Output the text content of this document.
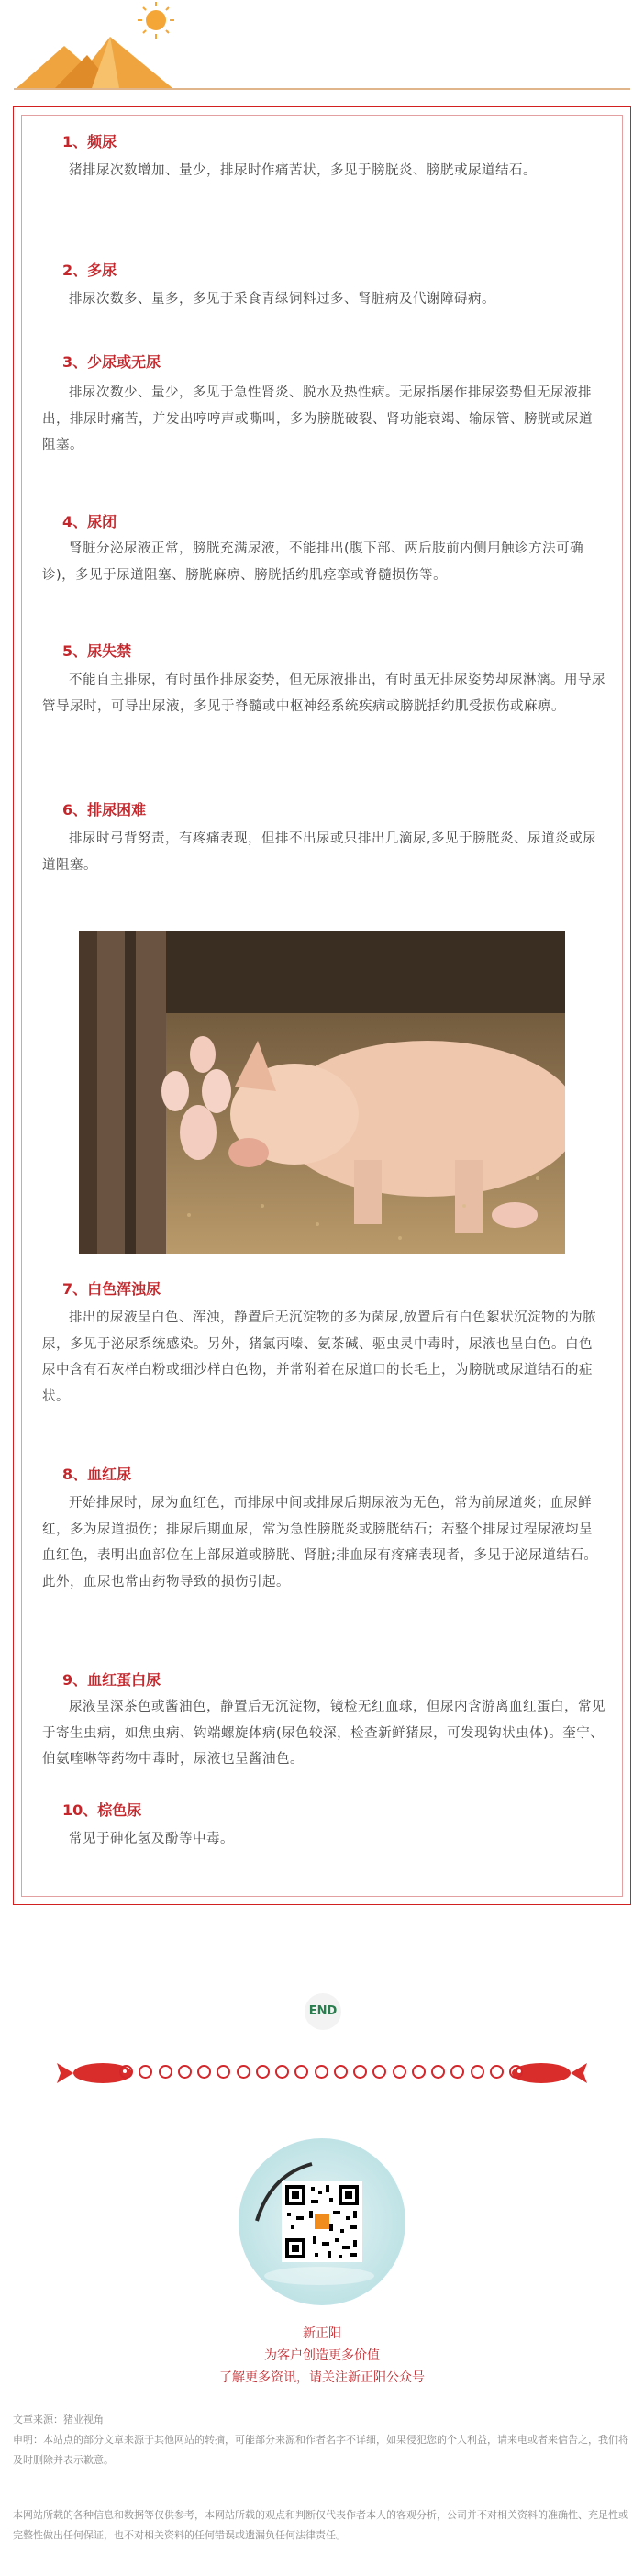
1、频尿
猪排尿次数增加、量少，排尿时作痛苦状，多见于膀胱炎、膀胱或尿道结石。
2、多尿
排尿次数多、量多，多见于采食青绿饲料过多、肾脏病及代谢障碍病。
3、少尿或无尿
排尿次数少、量少，多见于急性肾炎、脱水及热性病。无尿指屡作排尿姿势但无尿液排出，排尿时痛苦，并发出哼哼声或嘶叫，多为膀胱破裂、肾功能衰竭、输尿管、膀胱或尿道阻塞。
4、尿闭
肾脏分泌尿液正常，膀胱充满尿液，不能排出(腹下部、两后肢前内侧用触诊方法可确诊)，多见于尿道阻塞、膀胱麻痹、膀胱括约肌痉挛或脊髓损伤等。
5、尿失禁
不能自主排尿，有时虽作排尿姿势，但无尿液排出，有时虽无排尿姿势却尿淋漓。用导尿管导尿时，可导出尿液，多见于脊髓或中枢神经系统疾病或膀胱括约肌受损伤或麻痹。
6、排尿困难
排尿时弓背努责，有疼痛表现，但排不出尿或只排出几滴尿,多见于膀胱炎、尿道炎或尿道阻塞。
7、白色浑浊尿
排出的尿液呈白色、浑浊，静置后无沉淀物的多为菌尿,放置后有白色絮状沉淀物的为脓尿，多见于泌尿系统感染。另外，猪氯丙嗪、氨茶碱、驱虫灵中毒时，尿液也呈白色。白色尿中含有石灰样白粉或细沙样白色物，并常附着在尿道口的长毛上，为膀胱或尿道结石的症状。
8、血红尿
开始排尿时，尿为血红色，而排尿中间或排尿后期尿液为无色，常为前尿道炎；血尿鲜红，多为尿道损伤；排尿后期血尿，常为急性膀胱炎或膀胱结石；若整个排尿过程尿液均呈血红色，表明出血部位在上部尿道或膀胱、肾脏;排血尿有疼痛表现者，多见于泌尿道结石。此外，血尿也常由药物导致的损伤引起。
9、血红蛋白尿
尿液呈深茶色或酱油色，静置后无沉淀物，镜检无红血球，但尿内含游离血红蛋白，常见于寄生虫病，如焦虫病、钩端螺旋体病(尿色较深，检查新鲜猪尿，可发现钩状虫体)。奎宁、伯氨喹啉等药物中毒时，尿液也呈酱油色。
10、棕色尿
常见于砷化氢及酚等中毒。
END
新正阳
为客户创造更多价值
了解更多资讯，请关注新正阳公众号
文章来源：猪业视角
申明：本站点的部分文章来源于其他网站的转摘，可能部分来源和作者名字不详细，如果侵犯您的个人利益，请来电或者来信告之，我们将及时删除并表示歉意。
本网站所载的各种信息和数据等仅供参考，本网站所载的观点和判断仅代表作者本人的客观分析，公司并不对相关资料的准确性、充足性或完整性做出任何保证，也不对相关资料的任何错误或遗漏负任何法律责任。
